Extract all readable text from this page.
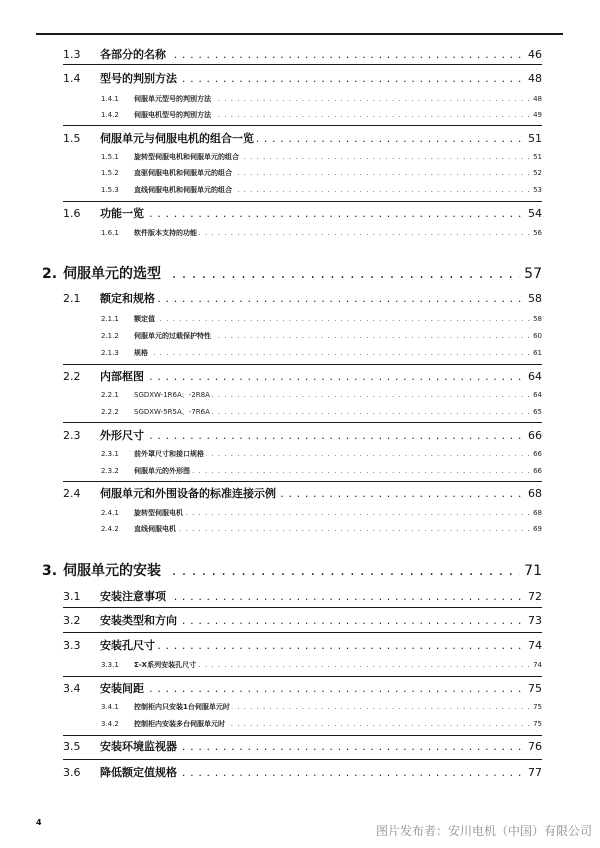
. . .
1.3 各部分的名称	46
. . .
1.4 型号的判别方法	48
. . .
1.4.1 伺服单元型号的判别方法	48
. . .
1.4.2 伺服电机型号的判别方法	49
. . .
1.5 伺服单元与伺服电机的组合一览	51
. . .
1.5.1 旋转型伺服电机和伺服单元的组合	51
. . .
1.5.2 直驱伺服电机和伺服单元的组合	52
. . .
1.5.3 直线伺服电机和伺服单元的组合	53
. . .
1.6 功能一览	54
. . .
1.6.1 软件版本支持的功能	56
. . .
2. 伺服单元的选型	57
. . .
2.1 额定和规格	58
. . .
2.1.1 额定值	58
. . .
2.1.2 伺服单元的过载保护特性	60
. . .
2.1.3 规格	61
. . .
2.2 内部框图	64
. . .
2.2.1 SGDXW-1R6A、-2R8A	64
. . .
2.2.2 SGDXW-5R5A、-7R6A	65
. . .
2.3 外形尺寸	66
. . .
2.3.1 前外罩尺寸和接口规格	66
. . .
2.3.2 伺服单元的外形图	66
. . .
2.4 伺服单元和外围设备的标准连接示例	68
. . .
2.4.1 旋转型伺服电机	68
. . .
2.4.2 直线伺服电机	69
. . .
3. 伺服单元的安装	71
. . .
3.1 安装注意事项	72
. . .
3.2 安装类型和方向	73
. . .
3.3 安装孔尺寸	74
. . .
3.3.1 Σ-X系列安装孔尺寸	74
. . .
3.4 安装间距	75
. . .
3.4.1 控制柜内只安装1台伺服单元时	75
. . .
3.4.2 控制柜内安装多台伺服单元时	75
. . .
3.5 安装环境监视器	76
. . .
3.6 降低额定值规格	77
4
图片发布者：安川电机（中国）有限公司
